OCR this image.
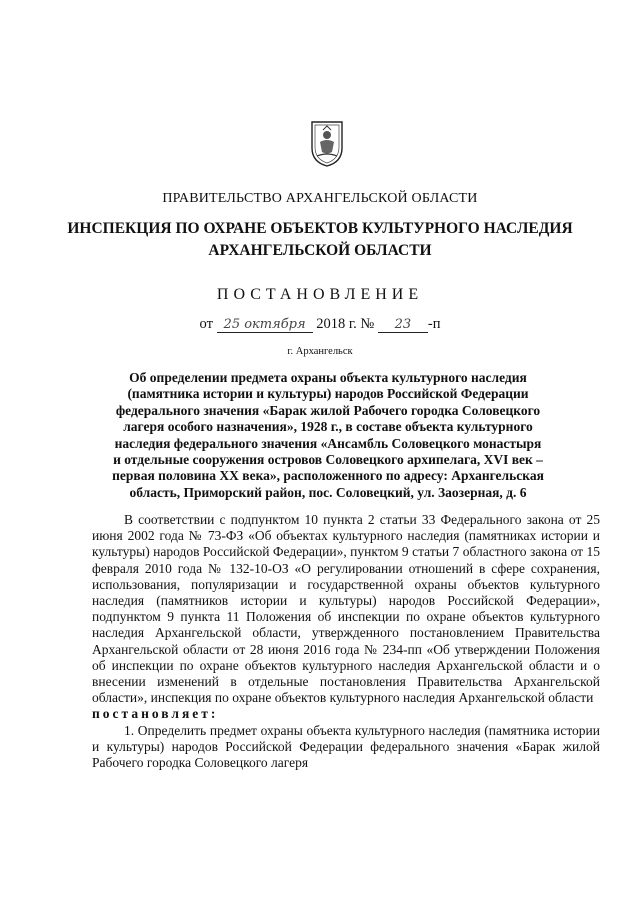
ПРАВИТЕЛЬСТВО АРХАНГЕЛЬСКОЙ ОБЛАСТИ
ИНСПЕКЦИЯ ПО ОХРАНЕ ОБЪЕКТОВ КУЛЬТУРНОГО НАСЛЕДИЯ
АРХАНГЕЛЬСКОЙ ОБЛАСТИ
ПОСТАНОВЛЕНИЕ
от 25 октября 2018 г. № 23 -п
г. Архангельск
Об определении предмета охраны объекта культурного наследия
(памятника истории и культуры) народов Российской Федерации
федерального значения «Барак жилой Рабочего городка Соловецкого
лагеря особого назначения», 1928 г., в составе объекта культурного
наследия федерального значения «Ансамбль Соловецкого монастыря
и отдельные сооружения островов Соловецкого архипелага, XVI век –
первая половина XX века», расположенного по адресу: Архангельская
область, Приморский район, пос. Соловецкий, ул. Заозерная, д. 6

В соответствии с подпунктом 10 пункта 2 статьи 33 Федерального закона от 25 июня 2002 года № 73-ФЗ «Об объектах культурного наследия (памятниках истории и культуры) народов Российской Федерации», пунктом 9 статьи 7 областного закона от 15 февраля 2010 года № 132-10-ОЗ «О регулировании отношений в сфере сохранения, использования, популяризации и государственной охраны объектов культурного наследия (памятников истории и культуры) народов Российской Федерации», подпунктом 9 пункта 11 Положения об инспекции по охране объектов культурного наследия Архангельской области, утвержденного постановлением Правительства Архангельской области от 28 июня 2016 года № 234-пп «Об утверждении Положения об инспекции по охране объектов культурного наследия Архангельской области и о внесении изменений в отдельные постановления Правительства Архангельской области», инспекция по охране объектов культурного наследия Архангельской области

постановляет:

1. Определить предмет охраны объекта культурного наследия (памятника истории и культуры) народов Российской Федерации федерального значения «Барак жилой Рабочего городка Соловецкого лагеря
